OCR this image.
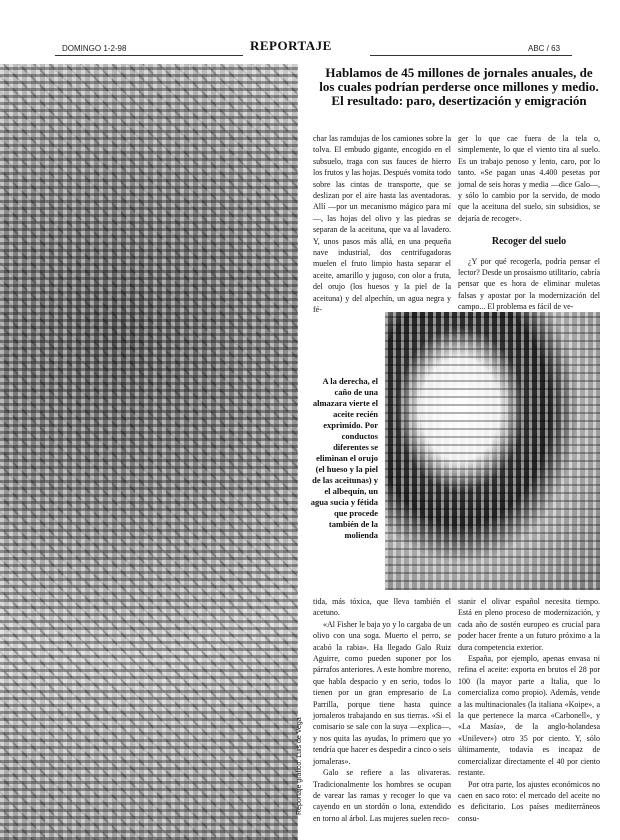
DOMINGO 1-2-98	REPORTAJE	ABC / 63
Reportaje gráfico: Luis de Vega
Hablamos de 45 millones de jornales anuales, de los cuales podrían perderse once millones y medio. El resultado: paro, desertización y emigración

char las ramdujas de los camiones sobre la tolva. El embudo gigante, encogido en el subsuelo, traga con sus fauces de hierro los frutos y las hojas. Después vomita todo sobre las cintas de transporte, que se deslizan por el aire hasta las aventadoras. Allí —por un mecanismo mágico para mí—, las hojas del olivo y las piedras se separan de la aceituna, que va al lavadero. Y, unos pasos más allá, en una pequeña nave industrial, dos centrifugadoras muelen el fruto limpio hasta separar el aceite, amarillo y jugoso, con olor a fruta, del orujo (los huesos y la piel de la aceituna) y del alpechín, un agua negra y fé-

ger lo que cae fuera de la tela o, simplemente, lo que el viento tira al suelo. Es un trabajo penoso y lento, caro, por lo tanto. «Se pagan unas 4.400 pesetas por jornal de seis horas y media —dice Galo—, y sólo lo cambio por la servido, de modo que la aceituna del suelo, sin subsidios, se dejaría de recoger».

Recoger del suelo

¿Y por qué recogerla, podría pensar el lector? Desde un prosaísmo utilitario, cabría pensar que es hora de eliminar muletas falsas y apostar por la modernización del campo... El problema es fácil de ve-

A la derecha, el caño de una almazara vierte el aceite recién exprimido. Por conductos diferentes se eliminan el orujo (el hueso y la piel de las aceitunas) y el albequín, un agua sucia y fétida que procede también de la molienda

tida, más tóxica, que lleva también el acetuno.

«Al Fisher le baja yo y lo cargaba de un olivo con una soga. Muerto el perro, se acabó la rabia». Ha llegado Galo Ruiz Aguirre, como pueden suponer por los párrafos anteriores. A este hombre moreno, que habla despacio y en serio, todos lo tienen por un gran empresario de La Parrilla, porque tiene hasta quince jornaleros trabajando en sus tierras. «Si el comisario se sale con la suya —explica—, y nos quita las ayudas, lo primero que yo tendría que hacer es despedir a cinco o seis jornaleras».

Galo se refiere a las olivareras. Tradicionalmente los hombres se ocupan de varear las ramas y recoger lo que va cayendo en un stordón o lona, extendido en torno al árbol. Las mujeres suelen reco-

stanir el olivar español necesita tiempo. Está en pleno proceso de modernización, y cada año de sostén europeo es crucial para poder hacer frente a un futuro próximo a la dura competencia exterior.

España, por ejemplo, apenas envasa ni refina el aceite: exporta en brutos el 28 por 100 (la mayor parte a Italia, que lo comercializa como propio). Además, vende a las multinacionales (la italiana «Koipe», a la que pertenece la marca «Carbonell», y «La Masía», de la anglo-holandesa «Unilever») otro 35 por ciento. Y, sólo últimamente, todavía es incapaz de comercializar directamente el 40 por ciento restante.

Por otra parte, los ajustes económicos no caen en saco roto: el mercado del aceite no es deficitario. Los países mediterráneos consu-
